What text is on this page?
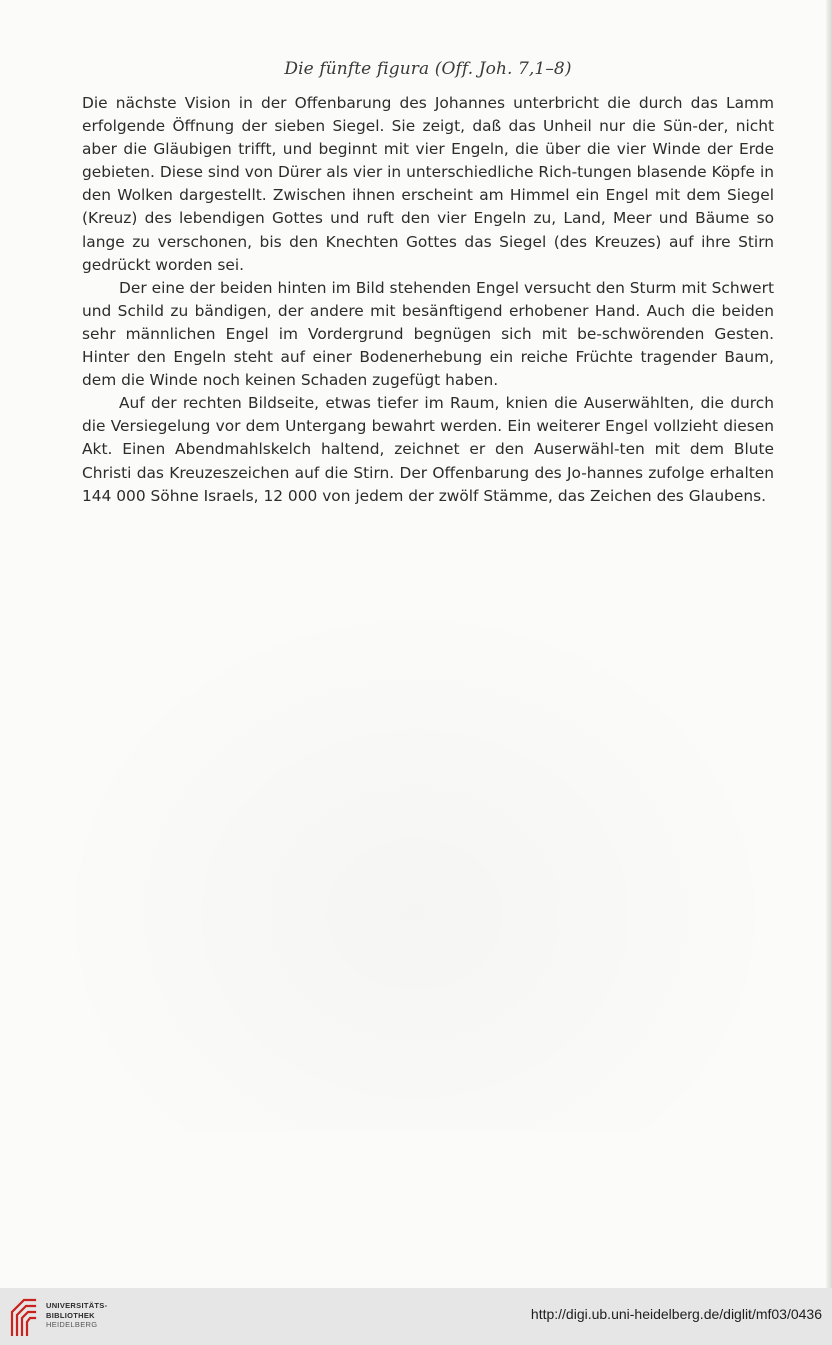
Die fünfte figura (Off. Joh. 7,1–8)

Die nächste Vision in der Offenbarung des Johannes unterbricht die durch das Lamm erfolgende Öffnung der sieben Siegel. Sie zeigt, daß das Unheil nur die Sün-der, nicht aber die Gläubigen trifft, und beginnt mit vier Engeln, die über die vier Winde der Erde gebieten. Diese sind von Dürer als vier in unterschiedliche Rich-tungen blasende Köpfe in den Wolken dargestellt. Zwischen ihnen erscheint am Himmel ein Engel mit dem Siegel (Kreuz) des lebendigen Gottes und ruft den vier Engeln zu, Land, Meer und Bäume so lange zu verschonen, bis den Knechten Gottes das Siegel (des Kreuzes) auf ihre Stirn gedrückt worden sei.

Der eine der beiden hinten im Bild stehenden Engel versucht den Sturm mit Schwert und Schild zu bändigen, der andere mit besänftigend erhobener Hand. Auch die beiden sehr männlichen Engel im Vordergrund begnügen sich mit be-schwörenden Gesten. Hinter den Engeln steht auf einer Bodenerhebung ein reiche Früchte tragender Baum, dem die Winde noch keinen Schaden zugefügt haben.

Auf der rechten Bildseite, etwas tiefer im Raum, knien die Auserwählten, die durch die Versiegelung vor dem Untergang bewahrt werden. Ein weiterer Engel vollzieht diesen Akt. Einen Abendmahlskelch haltend, zeichnet er den Auserwähl-ten mit dem Blute Christi das Kreuzeszeichen auf die Stirn. Der Offenbarung des Jo-hannes zufolge erhalten 144 000 Söhne Israels, 12 000 von jedem der zwölf Stämme, das Zeichen des Glaubens.

UNIVERSITÄTS-
BIBLIOTHEK
HEIDELBERG
http://digi.ub.uni-heidelberg.de/diglit/mf03/0436
